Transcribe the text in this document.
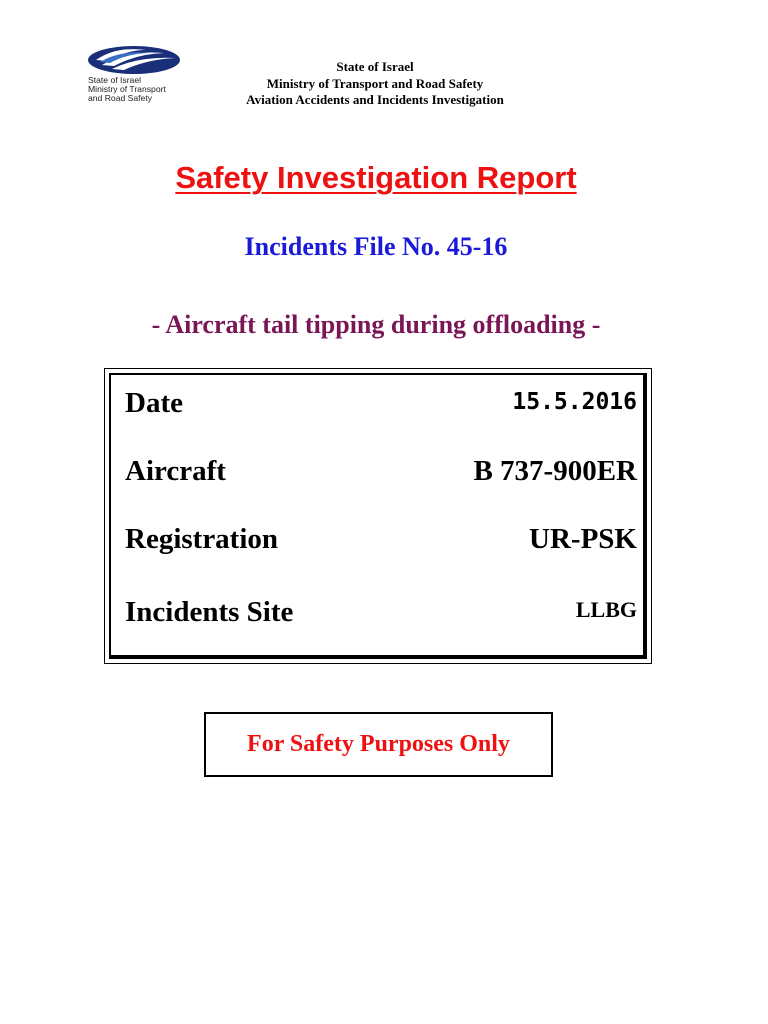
State of Israel
Ministry of Transport
and Road Safety
State of Israel
Ministry of Transport and Road Safety
Aviation Accidents and Incidents Investigation
Safety Investigation Report
Incidents File No. 45-16
- Aircraft tail tipping during offloading -
Date	15.5.2016
Aircraft	B 737-900ER
Registration	UR-PSK
Incidents Site	LLBG
For Safety Purposes Only
